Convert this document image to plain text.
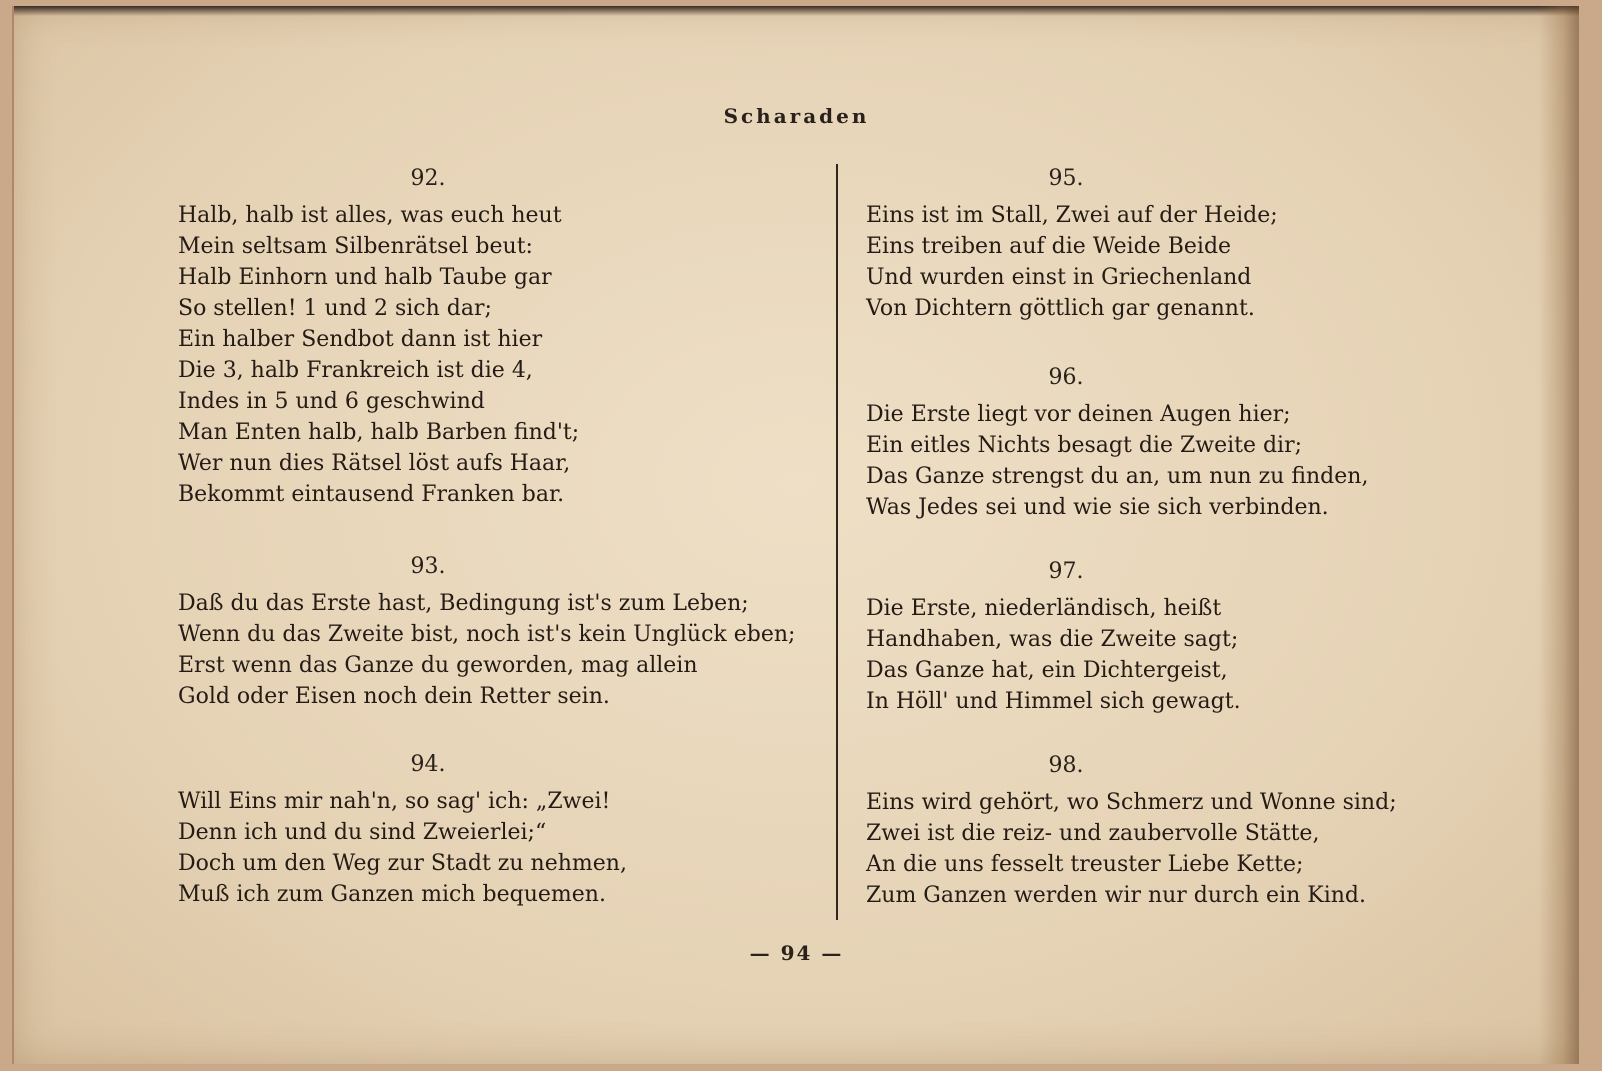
Scharaden
92.
Halb, halb ist alles, was euch heut
Mein seltsam Silbenrätsel beut:
Halb Einhorn und halb Taube gar
So stellen! 1 und 2 sich dar;
Ein halber Sendbot dann ist hier
Die 3, halb Frankreich ist die 4,
Indes in 5 und 6 geschwind
Man Enten halb, halb Barben find't;
Wer nun dies Rätsel löst aufs Haar,
Bekommt eintausend Franken bar.
93.
Daß du das Erste hast, Bedingung ist's zum Leben;
Wenn du das Zweite bist, noch ist's kein Unglück eben;
Erst wenn das Ganze du geworden, mag allein
Gold oder Eisen noch dein Retter sein.
94.
Will Eins mir nah'n, so sag' ich: „Zwei!
Denn ich und du sind Zweierlei;“
Doch um den Weg zur Stadt zu nehmen,
Muß ich zum Ganzen mich bequemen.
95.
Eins ist im Stall, Zwei auf der Heide;
Eins treiben auf die Weide Beide
Und wurden einst in Griechenland
Von Dichtern göttlich gar genannt.
96.
Die Erste liegt vor deinen Augen hier;
Ein eitles Nichts besagt die Zweite dir;
Das Ganze strengst du an, um nun zu finden,
Was Jedes sei und wie sie sich verbinden.
97.
Die Erste, niederländisch, heißt
Handhaben, was die Zweite sagt;
Das Ganze hat, ein Dichtergeist,
In Höll' und Himmel sich gewagt.
98.
Eins wird gehört, wo Schmerz und Wonne sind;
Zwei ist die reiz- und zaubervolle Stätte,
An die uns fesselt treuster Liebe Kette;
Zum Ganzen werden wir nur durch ein Kind.
— 94 —
